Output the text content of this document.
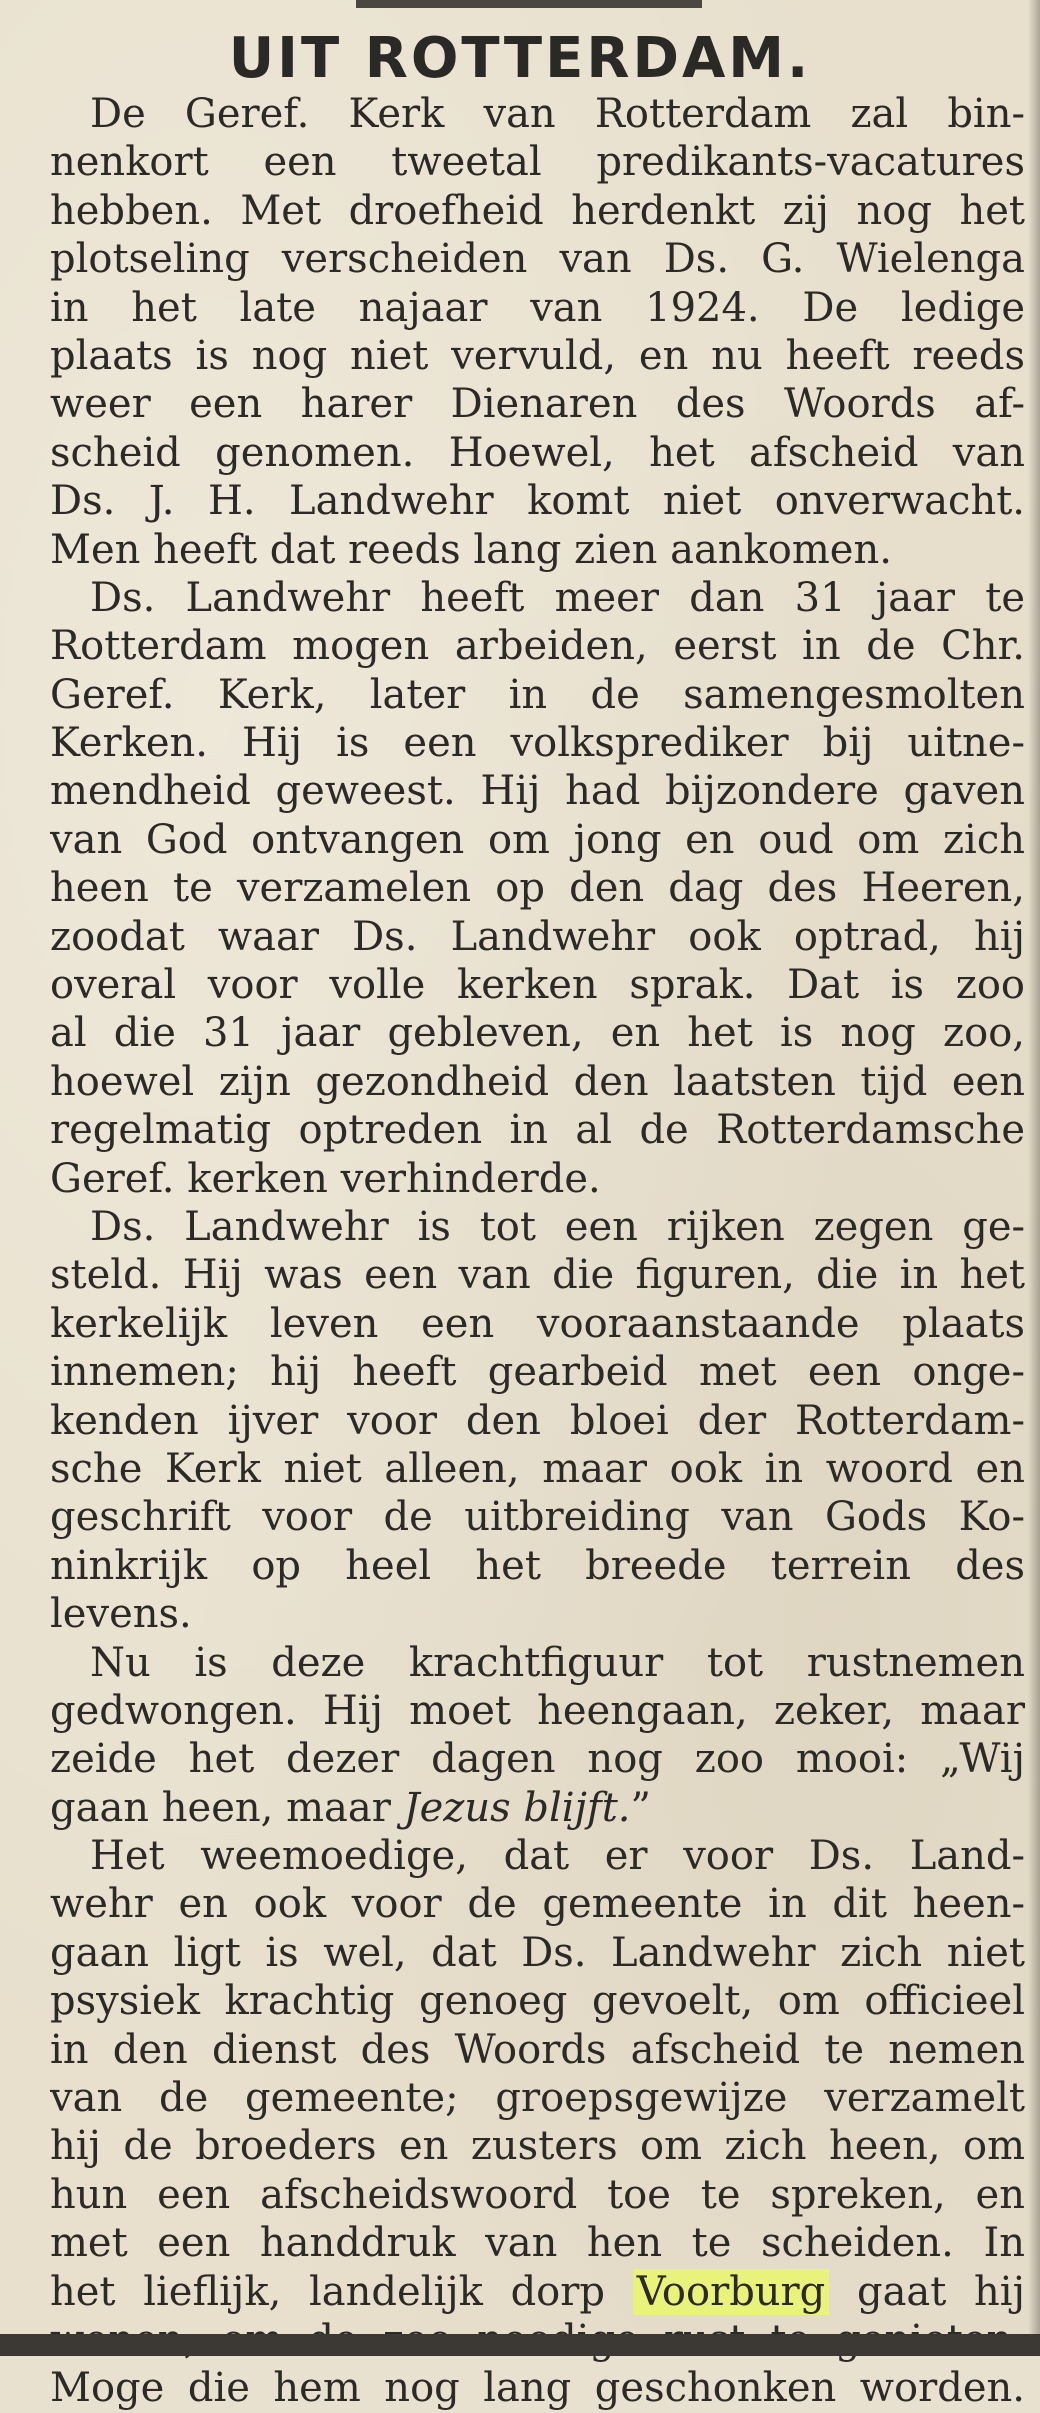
UIT ROTTERDAM.
De Geref. Kerk van Rotterdam zal bin-
nenkort een tweetal predikants-vacatures
hebben. Met droefheid herdenkt zij nog het
plotseling verscheiden van Ds. G. Wielenga
in het late najaar van 1924. De ledige
plaats is nog niet vervuld, en nu heeft reeds
weer een harer Dienaren des Woords af-
scheid genomen. Hoewel, het afscheid van
Ds. J. H. Landwehr komt niet onverwacht.
Men heeft dat reeds lang zien aankomen.
Ds. Landwehr heeft meer dan 31 jaar te
Rotterdam mogen arbeiden, eerst in de Chr.
Geref. Kerk, later in de samengesmolten
Kerken. Hij is een volksprediker bij uitne-
mendheid geweest. Hij had bijzondere gaven
van God ontvangen om jong en oud om zich
heen te verzamelen op den dag des Heeren,
zoodat waar Ds. Landwehr ook optrad, hij
overal voor volle kerken sprak. Dat is zoo
al die 31 jaar gebleven, en het is nog zoo,
hoewel zijn gezondheid den laatsten tijd een
regelmatig optreden in al de Rotterdamsche
Geref. kerken verhinderde.
Ds. Landwehr is tot een rijken zegen ge-
steld. Hij was een van die figuren, die in het
kerkelijk leven een vooraanstaande plaats
innemen; hij heeft gearbeid met een onge-
kenden ijver voor den bloei der Rotterdam-
sche Kerk niet alleen, maar ook in woord en
geschrift voor de uitbreiding van Gods Ko-
ninkrijk op heel het breede terrein des
levens.
Nu is deze krachtfiguur tot rustnemen
gedwongen. Hij moet heengaan, zeker, maar
zeide het dezer dagen nog zoo mooi: „Wij
gaan heen, maar Jezus blijft.”
Het weemoedige, dat er voor Ds. Land-
wehr en ook voor de gemeente in dit heen-
gaan ligt is wel, dat Ds. Landwehr zich niet
psysiek krachtig genoeg gevoelt, om officieel
in den dienst des Woords afscheid te nemen
van de gemeente; groepsgewijze verzamelt
hij de broeders en zusters om zich heen, om
hun een afscheidswoord toe te spreken, en
met een handdruk van hen te scheiden. In
het lieflijk, landelijk dorp Voorburg gaat hij
Moge die hem nog lang geschonken worden.
